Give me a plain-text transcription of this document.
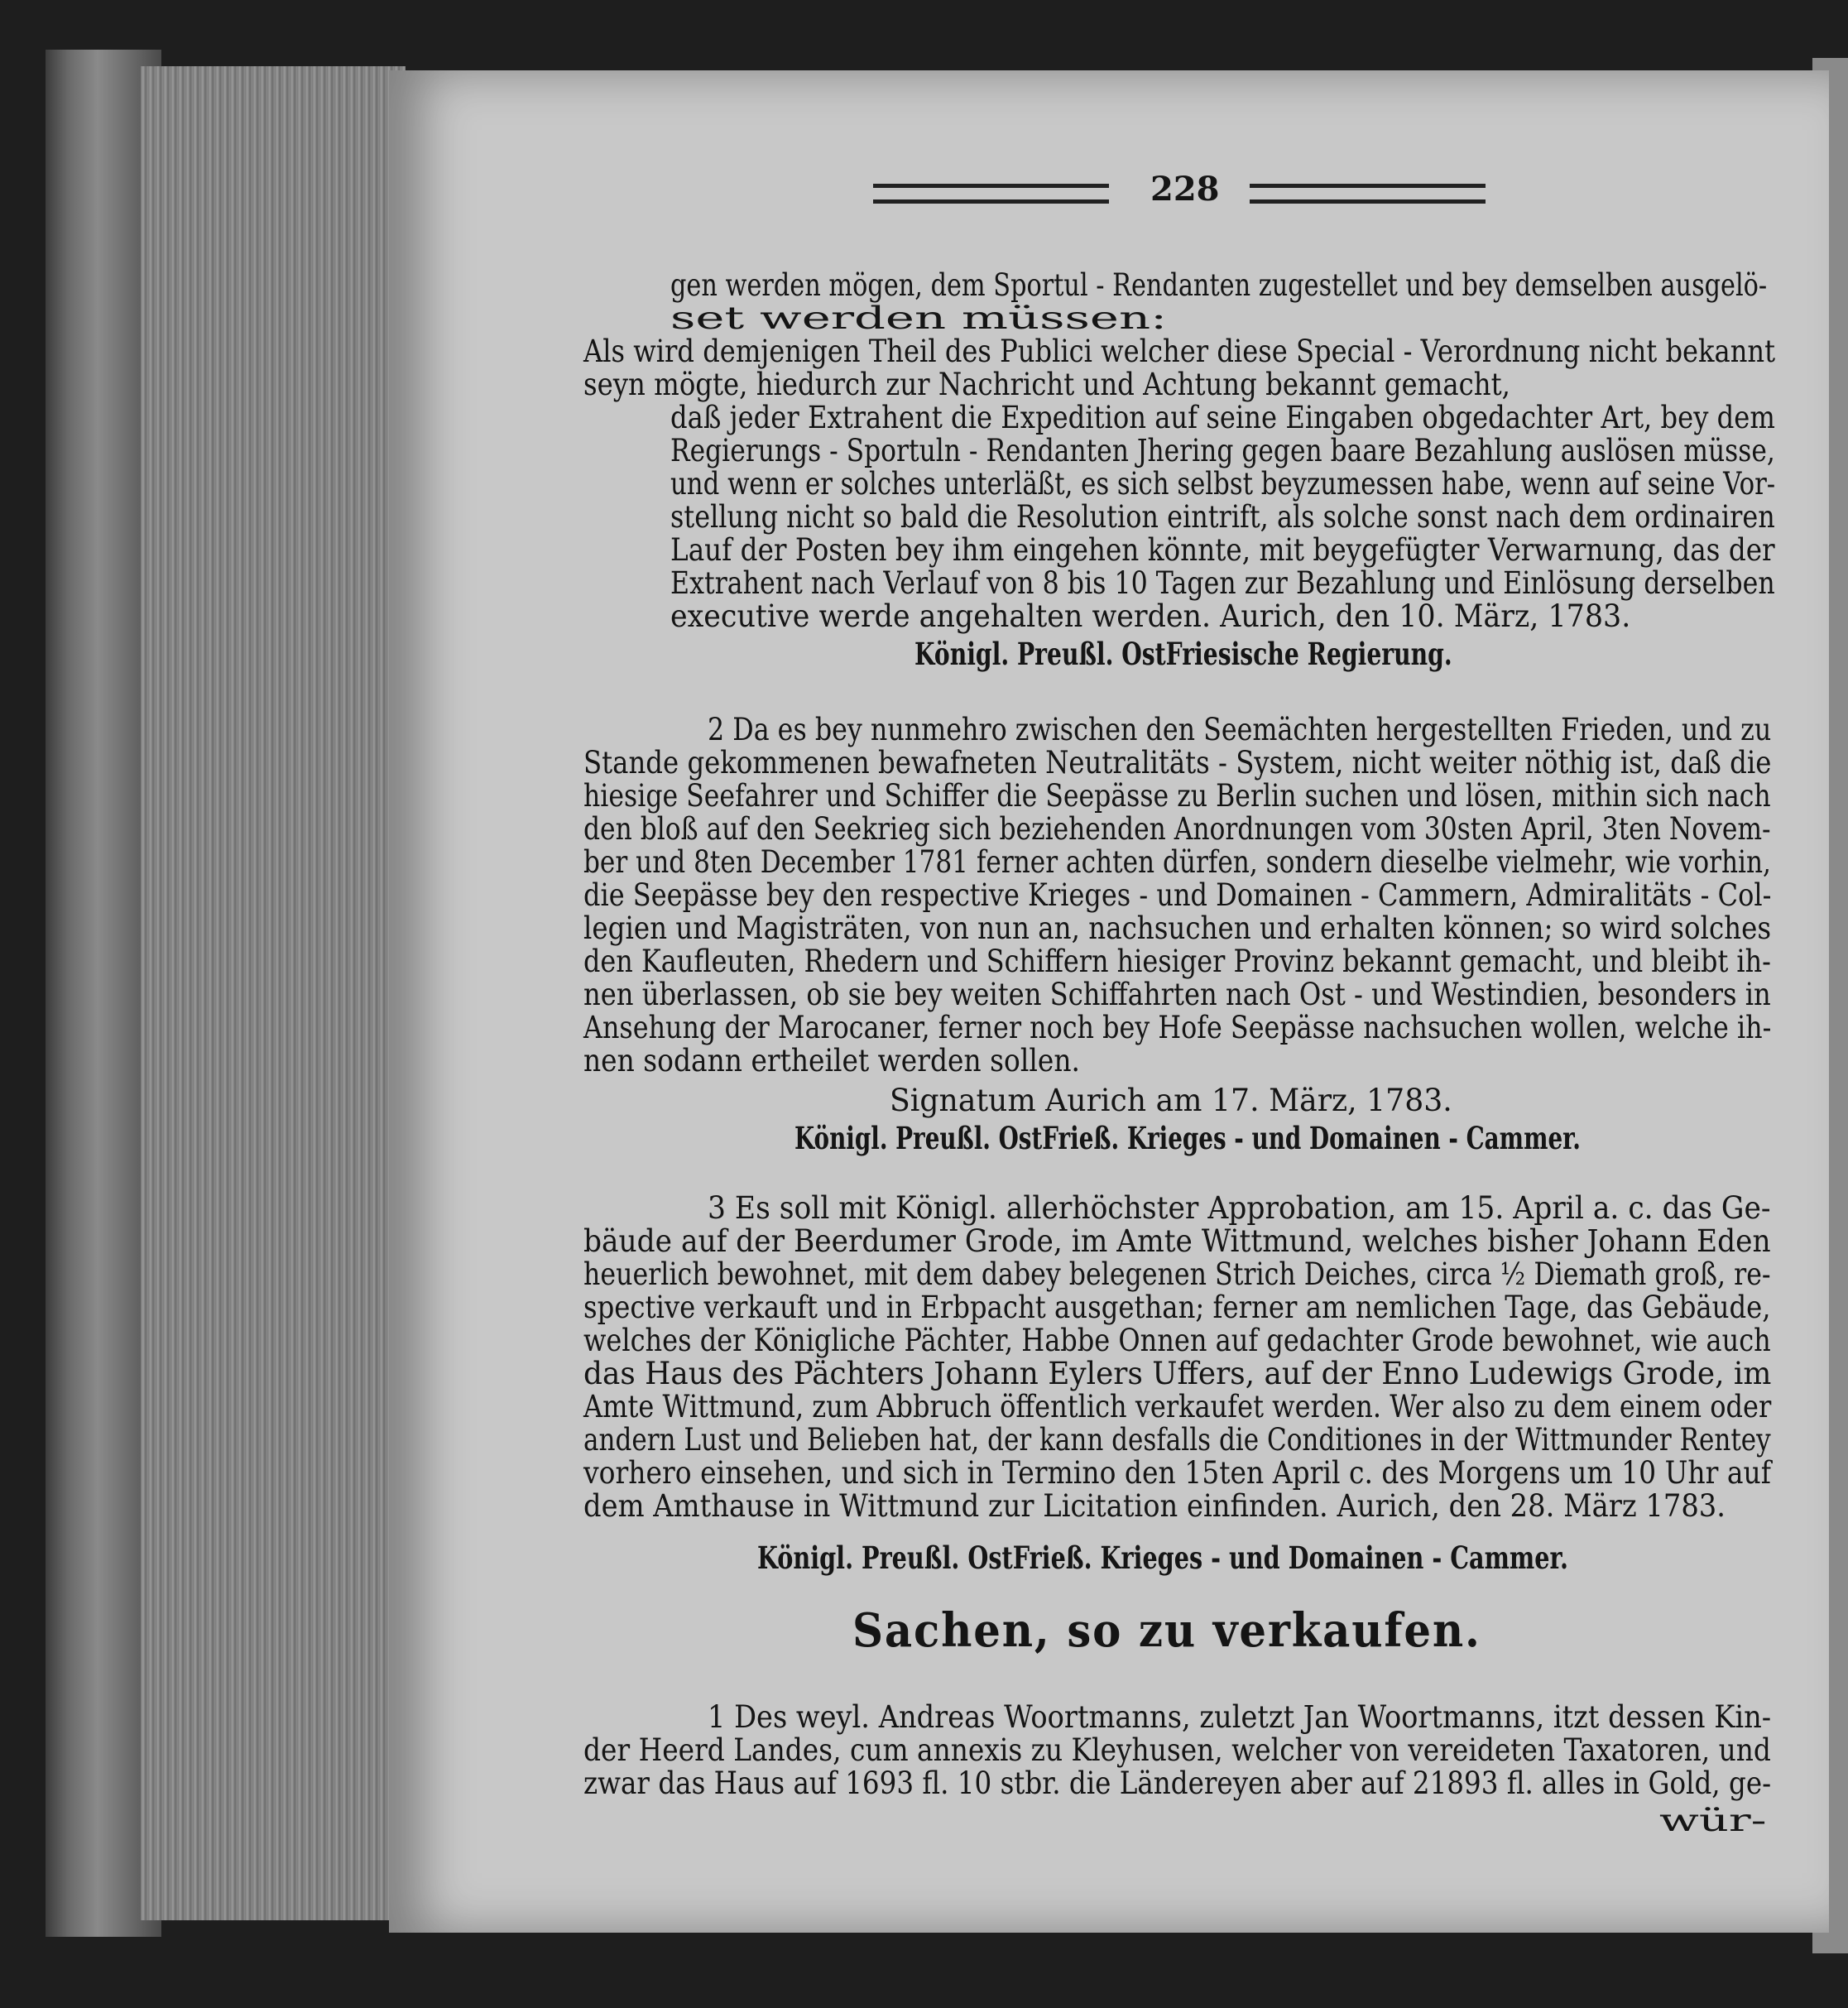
228
gen werden mögen, dem Sportul - Rendanten zugestellet und bey demselben ausgelö-
set werden müssen:
Als wird demjenigen Theil des Publici welcher diese Special - Verordnung nicht bekannt
seyn mögte, hiedurch zur Nachricht und Achtung bekannt gemacht,
daß jeder Extrahent die Expedition auf seine Eingaben obgedachter Art, bey dem
Regierungs - Sportuln - Rendanten Jhering gegen baare Bezahlung auslösen müsse,
und wenn er solches unterläßt, es sich selbst beyzumessen habe, wenn auf seine Vor-
stellung nicht so bald die Resolution eintrift, als solche sonst nach dem ordinairen
Lauf der Posten bey ihm eingehen könnte, mit beygefügter Verwarnung, das der
Extrahent nach Verlauf von 8 bis 10 Tagen zur Bezahlung und Einlösung derselben
executive werde angehalten werden. Aurich, den 10. März, 1783.
Königl. Preußl. OstFriesische Regierung.
2 Da es bey nunmehro zwischen den Seemächten hergestellten Frieden, und zu
Stande gekommenen bewafneten Neutralitäts - System, nicht weiter nöthig ist, daß die
hiesige Seefahrer und Schiffer die Seepässe zu Berlin suchen und lösen, mithin sich nach
den bloß auf den Seekrieg sich beziehenden Anordnungen vom 30sten April, 3ten Novem-
ber und 8ten December 1781 ferner achten dürfen, sondern dieselbe vielmehr, wie vorhin,
die Seepässe bey den respective Krieges - und Domainen - Cammern, Admiralitäts - Col-
legien und Magisträten, von nun an, nachsuchen und erhalten können; so wird solches
den Kaufleuten, Rhedern und Schiffern hiesiger Provinz bekannt gemacht, und bleibt ih-
nen überlassen, ob sie bey weiten Schiffahrten nach Ost - und Westindien, besonders in
Ansehung der Marocaner, ferner noch bey Hofe Seepässe nachsuchen wollen, welche ih-
nen sodann ertheilet werden sollen.
Signatum Aurich am 17. März, 1783.
Königl. Preußl. OstFrieß. Krieges - und Domainen - Cammer.
3 Es soll mit Königl. allerhöchster Approbation, am 15. April a. c. das Ge-
bäude auf der Beerdumer Grode, im Amte Wittmund, welches bisher Johann Eden
heuerlich bewohnet, mit dem dabey belegenen Strich Deiches, circa ½ Diemath groß, re-
spective verkauft und in Erbpacht ausgethan; ferner am nemlichen Tage, das Gebäude,
welches der Königliche Pächter, Habbe Onnen auf gedachter Grode bewohnet, wie auch
das Haus des Pächters Johann Eylers Uffers, auf der Enno Ludewigs Grode, im
Amte Wittmund, zum Abbruch öffentlich verkaufet werden. Wer also zu dem einem oder
andern Lust und Belieben hat, der kann desfalls die Conditiones in der Wittmunder Rentey
vorhero einsehen, und sich in Termino den 15ten April c. des Morgens um 10 Uhr auf
dem Amthause in Wittmund zur Licitation einfinden. Aurich, den 28. März 1783.
Königl. Preußl. OstFrieß. Krieges - und Domainen - Cammer.
Sachen, so zu verkaufen.
1 Des weyl. Andreas Woortmanns, zuletzt Jan Woortmanns, itzt dessen Kin-
der Heerd Landes, cum annexis zu Kleyhusen, welcher von vereideten Taxatoren, und
zwar das Haus auf 1693 fl. 10 stbr. die Ländereyen aber auf 21893 fl. alles in Gold, ge-
wür-
